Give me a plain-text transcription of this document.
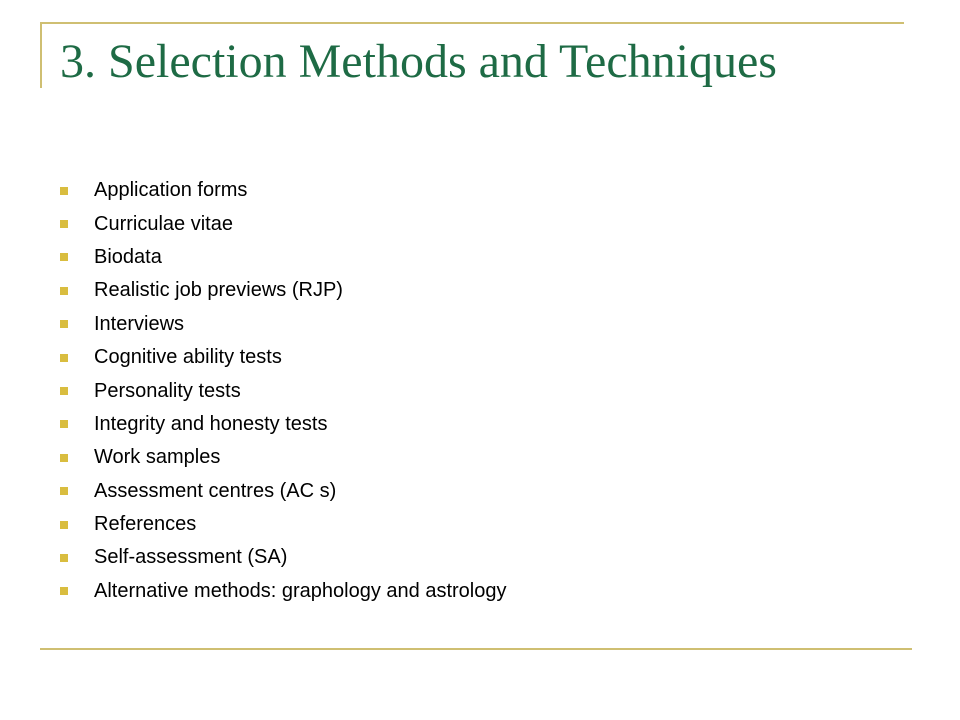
3. Selection Methods and Techniques
Application forms
Curriculae vitae
Biodata
Realistic job previews (RJP)
Interviews
Cognitive ability tests
Personality tests
Integrity and honesty tests
Work samples
Assessment centres (AC s)
References
Self-assessment (SA)
Alternative methods: graphology and astrology
